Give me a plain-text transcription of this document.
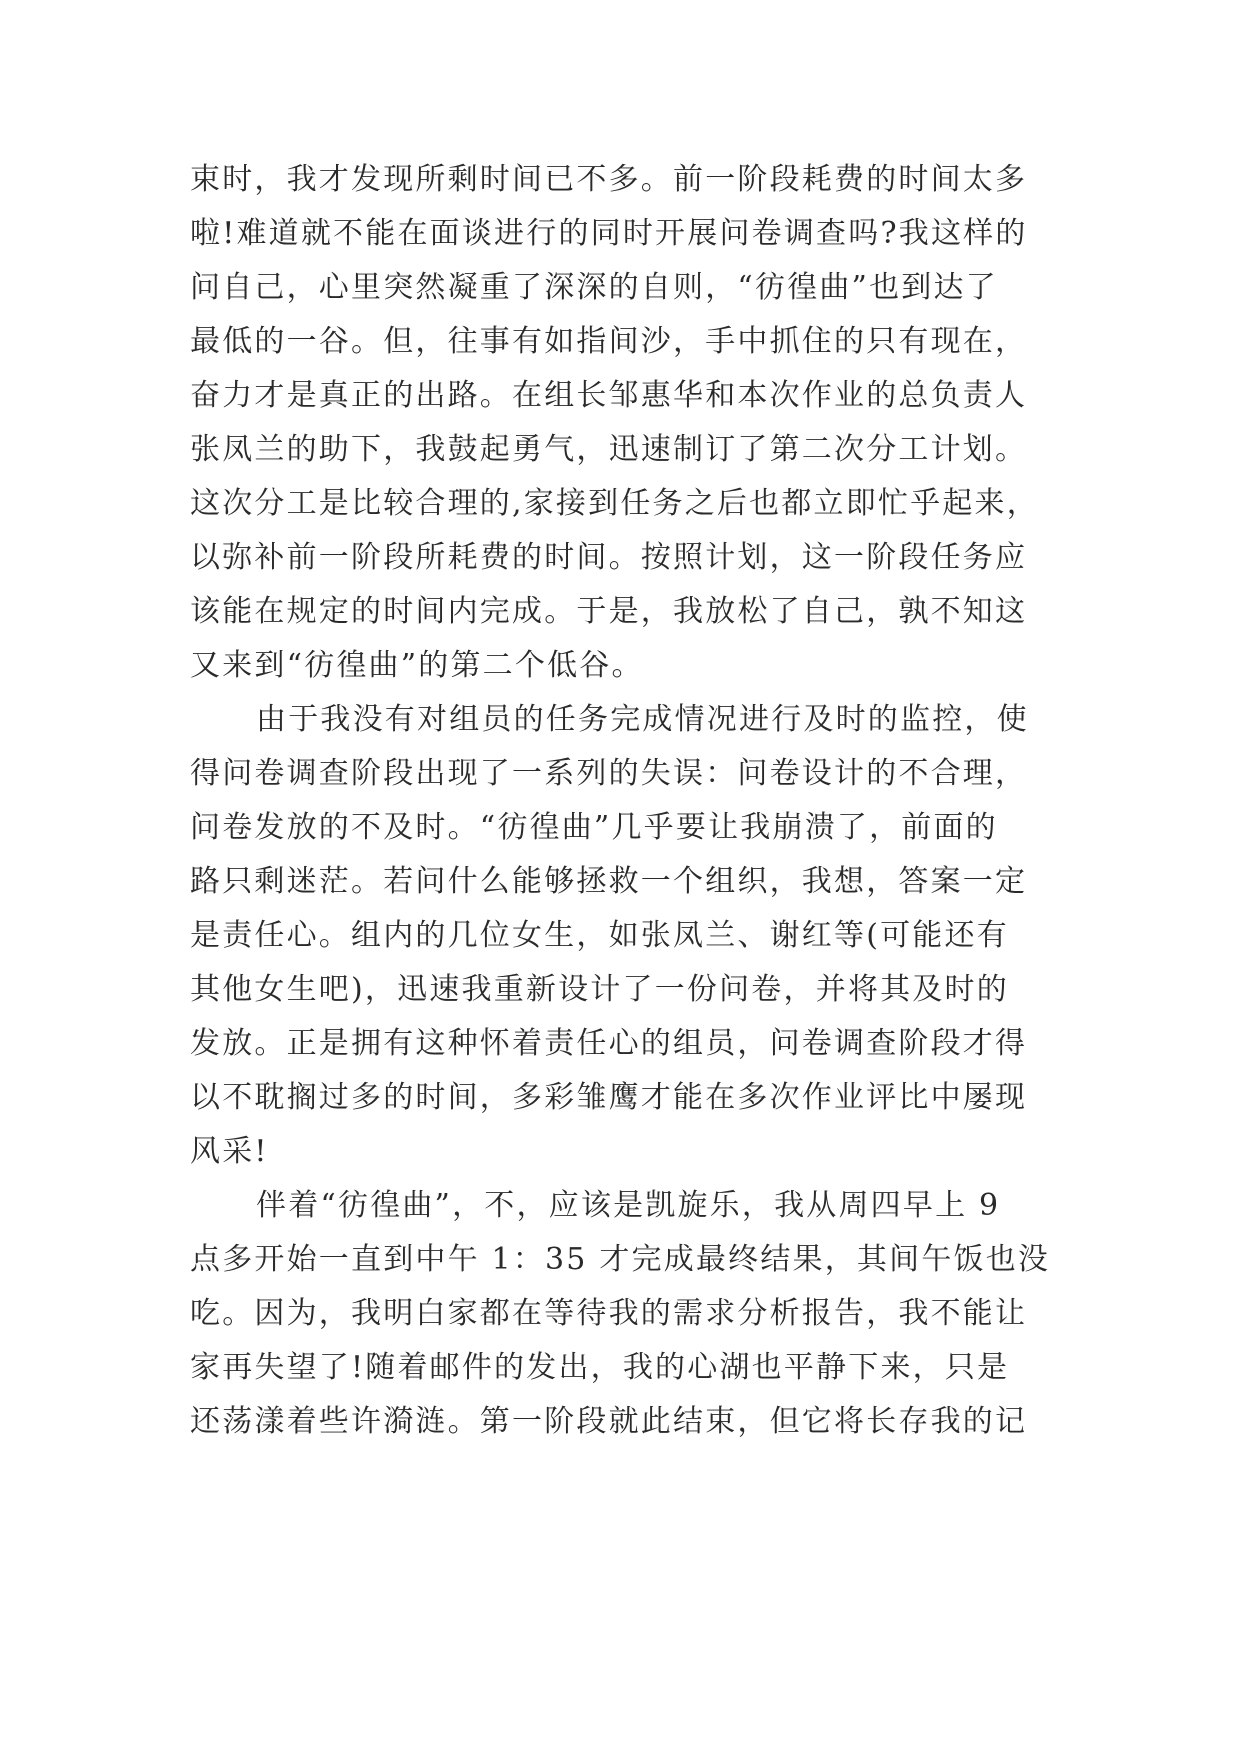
束时，我才发现所剩时间已不多。前一阶段耗费的时间太多
啦!难道就不能在面谈进行的同时开展问卷调查吗?我这样的
问自己，心里突然凝重了深深的自则，“彷徨曲”也到达了
最低的一谷。但，往事有如指间沙，手中抓住的只有现在，
奋力才是真正的出路。在组长邹惠华和本次作业的总负责人
张凤兰的助下，我鼓起勇气，迅速制订了第二次分工计划。
这次分工是比较合理的,家接到任务之后也都立即忙乎起来，
以弥补前一阶段所耗费的时间。按照计划，这一阶段任务应
该能在规定的时间内完成。于是，我放松了自己，孰不知这
又来到“彷徨曲”的第二个低谷。
由于我没有对组员的任务完成情况进行及时的监控，使
得问卷调查阶段出现了一系列的失误：问卷设计的不合理，
问卷发放的不及时。“彷徨曲”几乎要让我崩溃了，前面的
路只剩迷茫。若问什么能够拯救一个组织，我想，答案一定
是责任心。组内的几位女生，如张凤兰、谢红等(可能还有
其他女生吧)，迅速我重新设计了一份问卷，并将其及时的
发放。正是拥有这种怀着责任心的组员，问卷调查阶段才得
以不耽搁过多的时间，多彩雏鹰才能在多次作业评比中屡现
风采!
伴着“彷徨曲”，不，应该是凯旋乐，我从周四早上 9
点多开始一直到中午 1：35 才完成最终结果，其间午饭也没
吃。因为，我明白家都在等待我的需求分析报告，我不能让
家再失望了!随着邮件的发出，我的心湖也平静下来，只是
还荡漾着些许漪涟。第一阶段就此结束，但它将长存我的记
